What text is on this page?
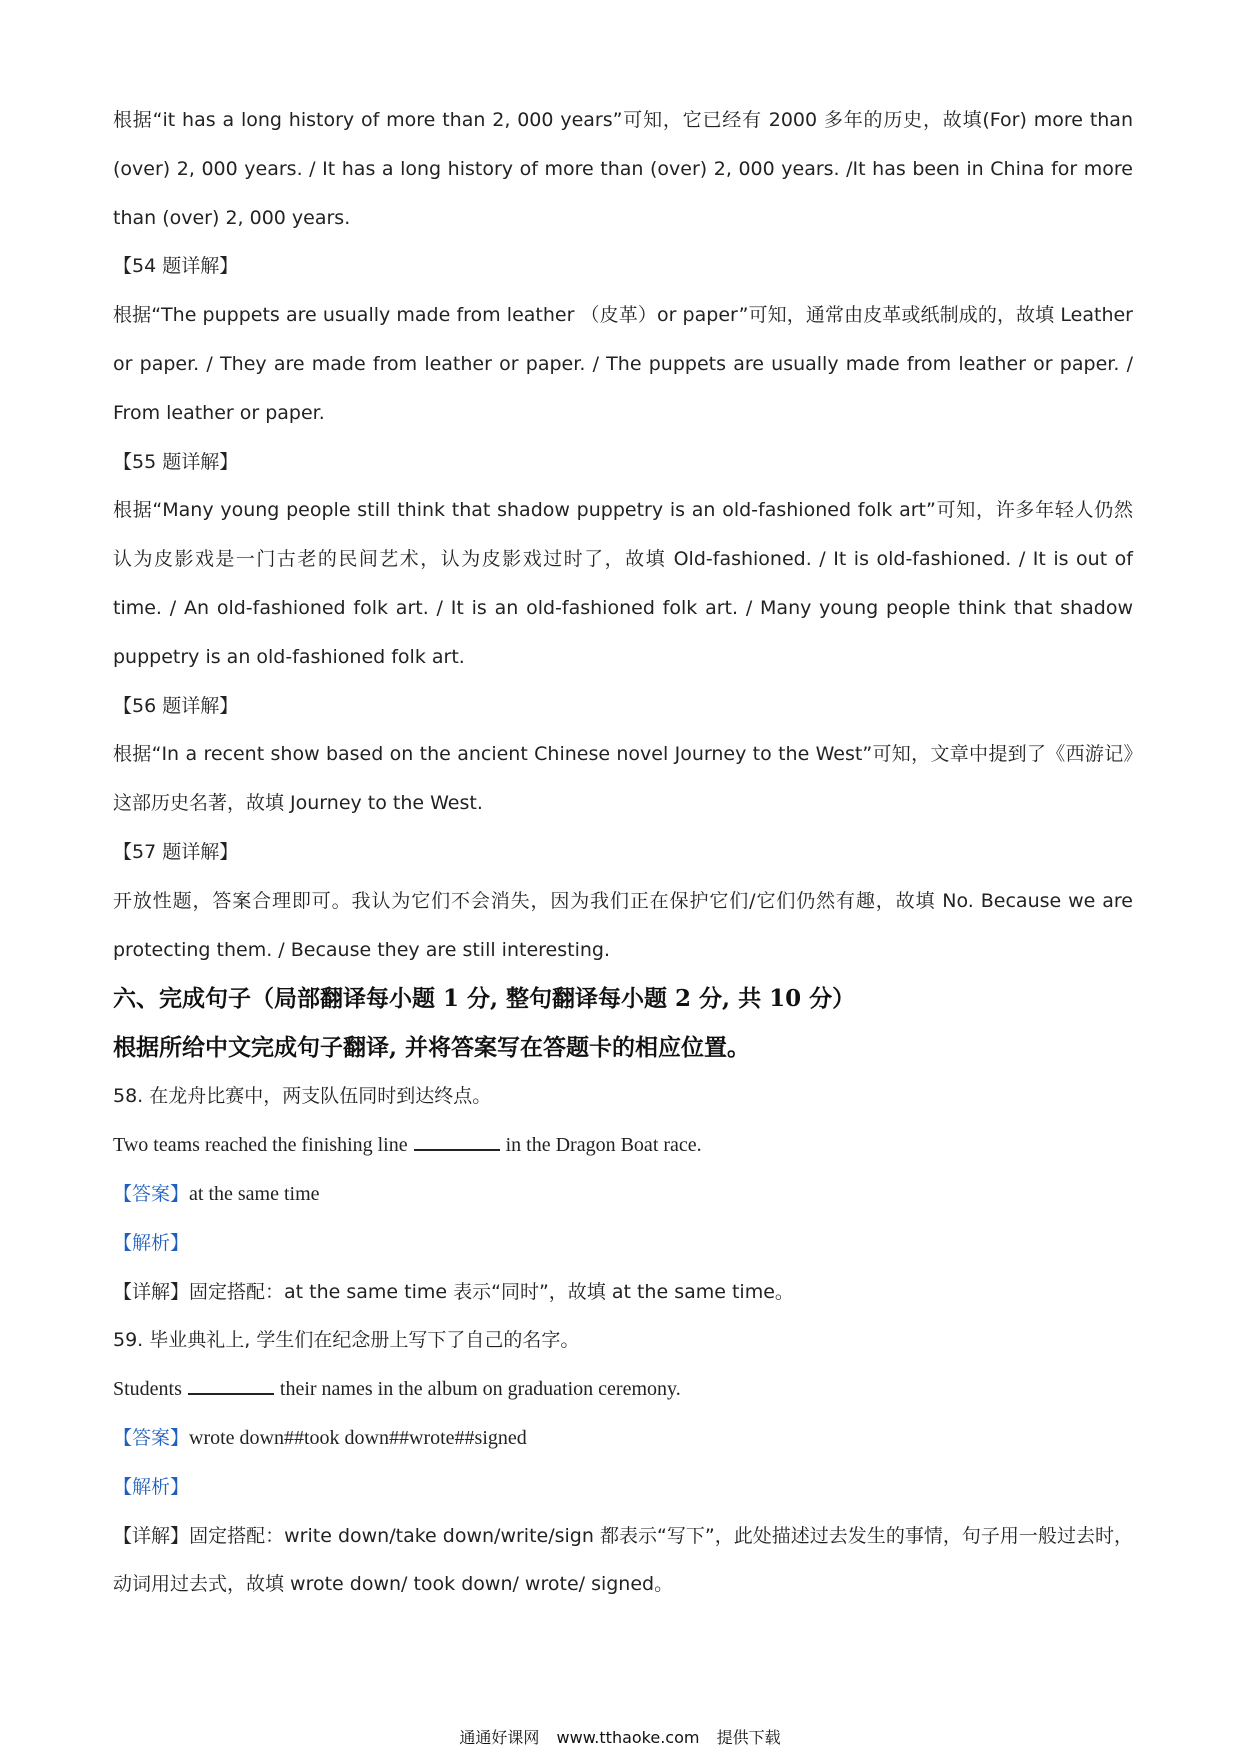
根据“it has a long history of more than 2, 000 years”可知，它已经有 2000 多年的历史，故填(For) more than (over) 2, 000 years. / It has a long history of more than (over) 2, 000 years. /It has been in China for more than (over) 2, 000 years.

【54 题详解】

根据“The puppets are usually made from leather （皮革）or paper”可知，通常由皮革或纸制成的，故填 Leather or paper. / They are made from leather or paper. / The puppets are usually made from leather or paper. / From leather or paper.

【55 题详解】

根据“Many young people still think that shadow puppetry is an old-fashioned folk art”可知，许多年轻人仍然认为皮影戏是一门古老的民间艺术，认为皮影戏过时了，故填 Old-fashioned. / It is old-fashioned. / It is out of time. / An old-fashioned folk art. / It is an old-fashioned folk art. / Many young people think that shadow puppetry is an old-fashioned folk art.

【56 题详解】

根据“In a recent show based on the ancient Chinese novel Journey to the West”可知，文章中提到了《西游记》这部历史名著，故填 Journey to the West.

【57 题详解】

开放性题，答案合理即可。我认为它们不会消失，因为我们正在保护它们/它们仍然有趣，故填 No. Because we are protecting them. / Because they are still interesting.

六、完成句子（局部翻译每小题 1 分, 整句翻译每小题 2 分, 共 10 分）

根据所给中文完成句子翻译, 并将答案写在答题卡的相应位置。

58. 在龙舟比赛中，两支队伍同时到达终点。

Two teams reached the finishing line	in the Dragon Boat race.

【答案】at the same time

【解析】

【详解】固定搭配：at the same time 表示“同时”，故填 at the same time。

59. 毕业典礼上, 学生们在纪念册上写下了自己的名字。

Students	their names in the album on graduation ceremony.

【答案】wrote down##took down##wrote##signed

【解析】

【详解】固定搭配：write down/take down/write/sign 都表示“写下”，此处描述过去发生的事情，句子用一般过去时，动词用过去式，故填 wrote down/ took down/ wrote/ signed。

通通好课网 www.tthaoke.com 提供下载
